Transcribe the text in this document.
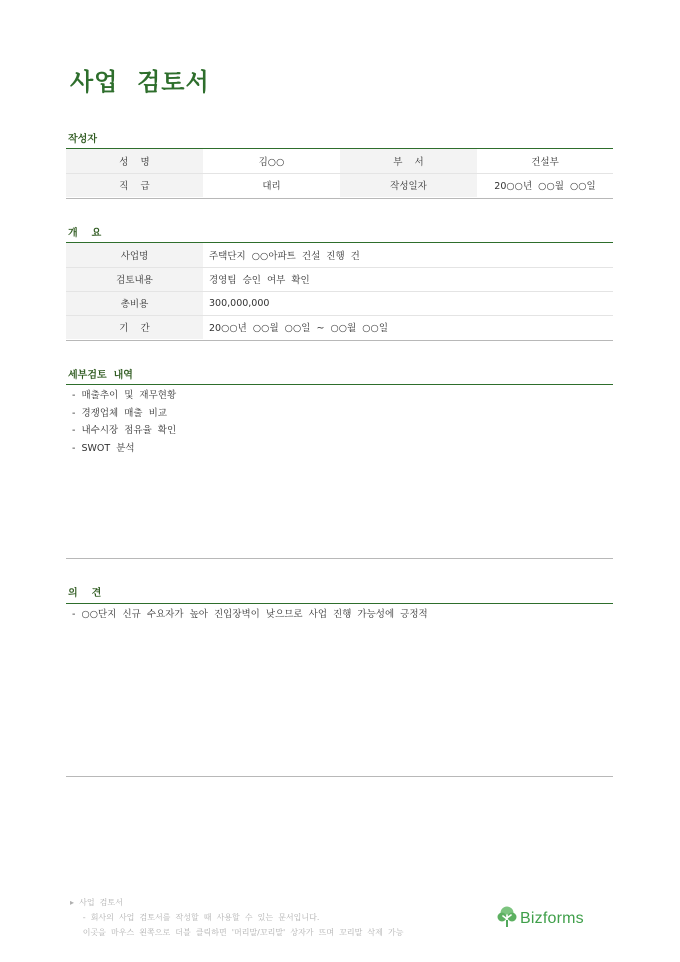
사업  검토서
작성자
성    명	김○○	부    서	건설부
직    급	대리	작성일자	20○○년  ○○월  ○○일
개    요
사업명	주택단지  ○○아파트  건설  진행  건
검토내용	경영팀  승인  여부  확인
총비용	300,000,000
기    간	20○○년  ○○월  ○○일  ~  ○○월  ○○일
세부검토  내역
-  매출추이  및  재무현황
-  경쟁업체  매출  비교
-  내수시장  점유율  확인
-  SWOT  분석
의    견
-  ○○단지  신규  수요자가  높아  진입장벽이  낮으므로  사업  진행  가능성에  긍정적
▸  사업  검토서
-  회사의  사업  검토서를  작성할  때  사용할  수  있는  문서입니다.
이곳을  마우스  왼쪽으로  더블  클릭하면  '머리말/꼬리말'  상자가  뜨며  꼬리말  삭제  가능
Bizforms
